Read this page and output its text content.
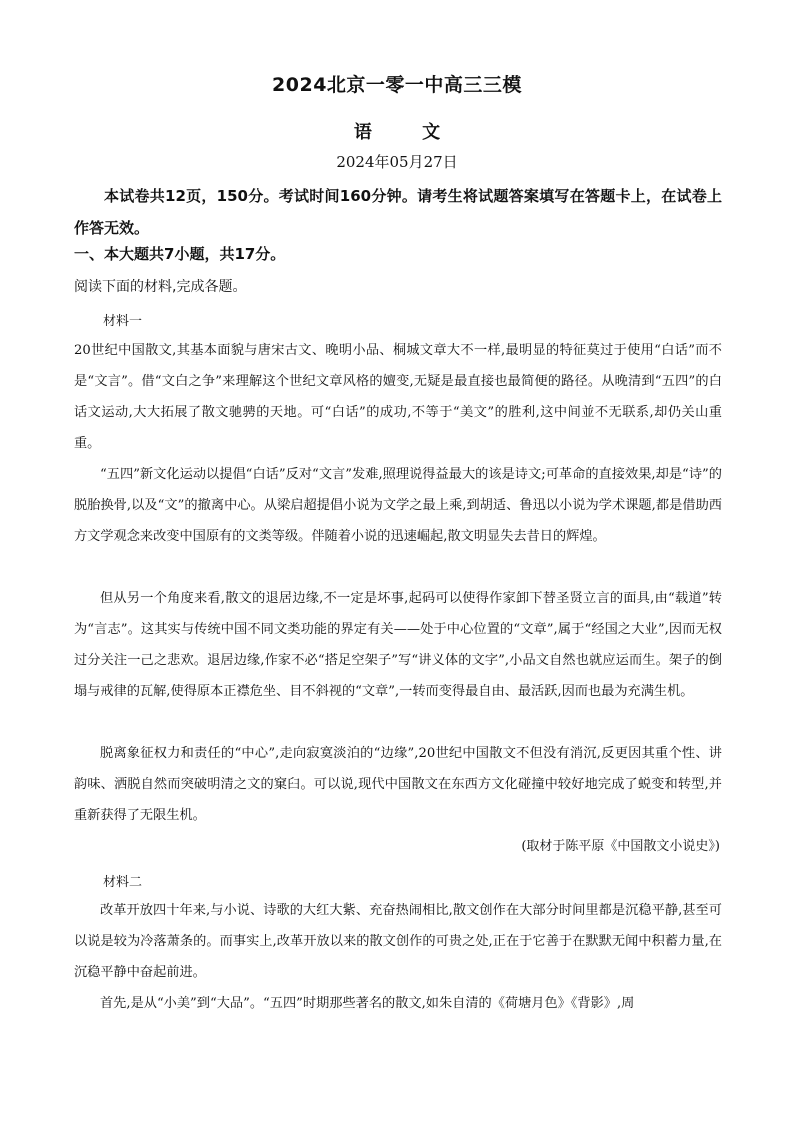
2024北京一零一中高三三模
语 文
2024年05月27日
本试卷共12页，150分。考试时间160分钟。请考生将试题答案填写在答题卡上，在试卷上作答无效。
一、本大题共7小题，共17分。
阅读下面的材料,完成各题。
材料一
20世纪中国散文,其基本面貌与唐宋古文、晚明小品、桐城文章大不一样,最明显的特征莫过于使用“白话”而不是“文言”。借“文白之争”来理解这个世纪文章风格的嬗变,无疑是最直接也最简便的路径。从晚清到“五四”的白话文运动,大大拓展了散文驰骋的天地。可“白话”的成功,不等于“美文”的胜利,这中间並不无联系,却仍关山重重。
“五四”新文化运动以提倡“白话”反对“文言”发难,照理说得益最大的该是诗文;可革命的直接效果,却是“诗”的脱胎换骨,以及“文”的撤离中心。从梁启超提倡小说为文学之最上乘,到胡适、鲁迅以小说为学术课题,都是借助西方文学观念来改变中国原有的文类等级。伴随着小说的迅速崛起,散文明显失去昔日的辉煌。
但从另一个角度来看,散文的退居边缘,不一定是坏事,起码可以使得作家卸下替圣贤立言的面具,由“载道”转为“言志”。这其实与传统中国不同文类功能的界定有关——处于中心位置的“文章”,属于“经国之大业”,因而无权过分关注一己之悲欢。退居边缘,作家不必“搭足空架子”写“讲义体的文字”,小品文自然也就应运而生。架子的倒塌与戒律的瓦解,使得原本正襟危坐、目不斜视的“文章”,一转而变得最自由、最活跃,因而也最为充满生机。
脱离象征权力和责任的“中心”,走向寂寞淡泊的“边缘”,20世纪中国散文不但没有消沉,反更因其重个性、讲韵味、洒脱自然而突破明清之文的窠臼。可以说,现代中国散文在东西方文化碰撞中较好地完成了蜕变和转型,并重新获得了无限生机。
(取材于陈平原《中国散文小说史》)
材料二
改革开放四十年来,与小说、诗歌的大红大紫、充奋热闹相比,散文创作在大部分时间里都是沉稳平静,甚至可以说是较为冷落萧条的。而事实上,改革开放以来的散文创作的可贵之处,正在于它善于在默默无闻中积蓄力量,在沉稳平静中奋起前进。
首先,是从“小美”到“大品”。“五四”时期那些著名的散文,如朱自清的《荷塘月色》《背影》,周
